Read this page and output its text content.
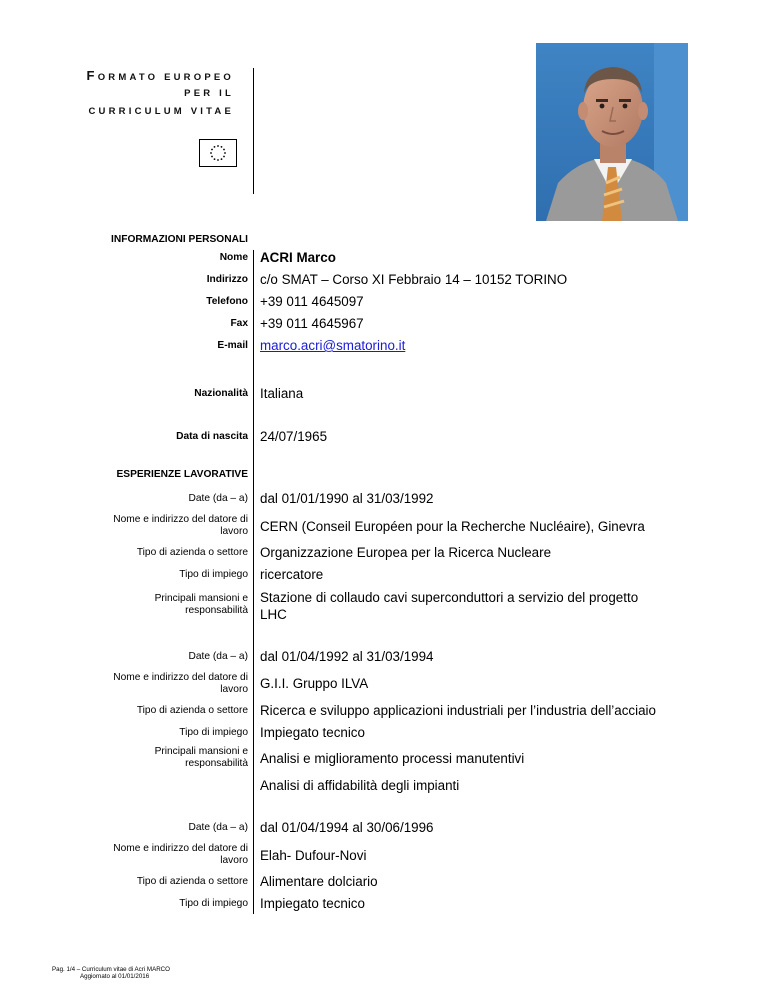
FORMATO EUROPEO
PER IL
CURRICULUM VITAE
INFORMAZIONI PERSONALI
Nome ACRI Marco
Indirizzo c/o SMAT – Corso XI Febbraio 14 – 10152 TORINO
Telefono +39 011 4645097
Fax +39 011 4645967
E-mail marco.acri@smatorino.it
Nazionalità Italiana
Data di nascita 24/07/1965
ESPERIENZE LAVORATIVE
Date (da – a) dal 01/01/1990 al 31/03/1992
Nome e indirizzo del datore di
lavoro CERN (Conseil Européen pour la Recherche Nucléaire), Ginevra
Tipo di azienda o settore Organizzazione Europea per la Ricerca Nucleare
Tipo di impiego ricercatore
Principali mansioni e
responsabilità
Stazione di collaudo cavi superconduttori a servizio del progetto
LHC
Date (da – a) dal 01/04/1992 al 31/03/1994
Nome e indirizzo del datore di
lavoro G.I.I. Gruppo ILVA
Tipo di azienda o settore Ricerca e sviluppo applicazioni industriali per l’industria dell’acciaio
Tipo di impiego Impiegato tecnico
Principali mansioni e
responsabilità Analisi e miglioramento processi manutentivi
Analisi di affidabilità degli impianti
Date (da – a) dal 01/04/1994 al 30/06/1996
Nome e indirizzo del datore di
lavoro Elah- Dufour-Novi
Tipo di azienda o settore Alimentare dolciario
Tipo di impiego Impiegato tecnico
Pag. 1/4 – Curriculum vitae di Acri MARCO
Aggiornato al 01/01/2016
